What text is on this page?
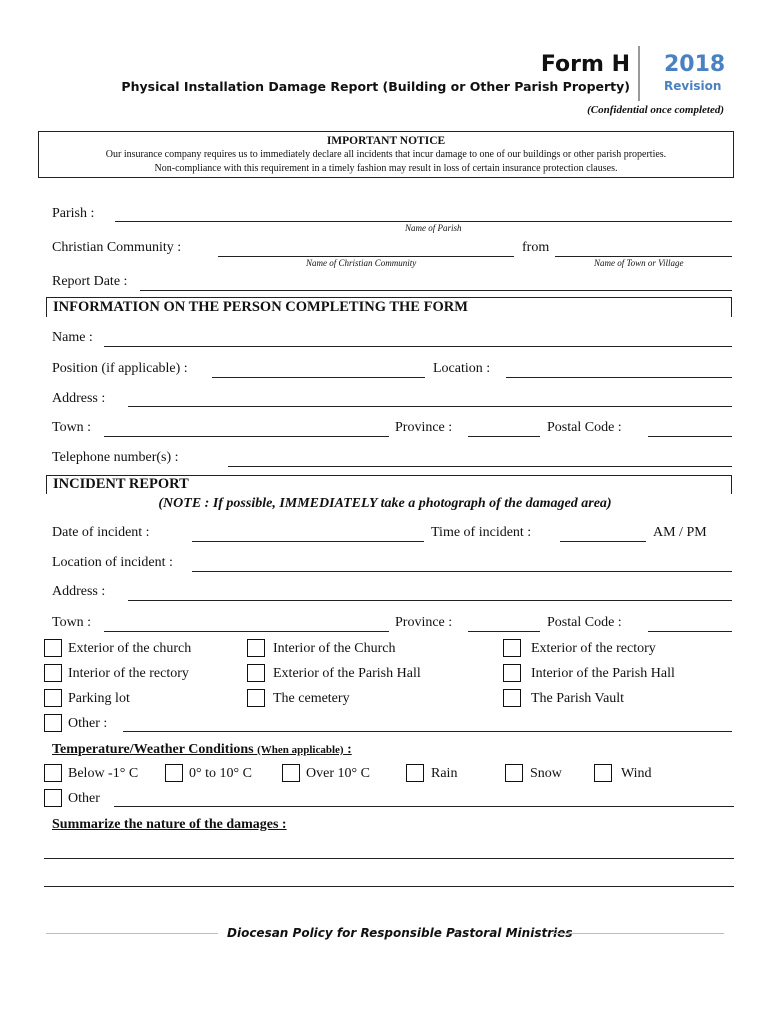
Form H
Physical Installation Damage Report (Building or Other Parish Property)
2018
Revision
(Confidential once completed)
IMPORTANT NOTICE
Our insurance company requires us to immediately declare all incidents that incur damage to one of our buildings or other parish properties.
Non-compliance with this requirement in a timely fashion may result in loss of certain insurance protection clauses.
Parish :
Name of Parish
Christian Community :	from
Name of Christian Community	Name of Town or Village
Report Date :
INFORMATION ON THE PERSON COMPLETING THE FORM
Name :
Position (if applicable) :	Location :
Address :
Town :	Province :	Postal Code :
Telephone number(s) :
INCIDENT REPORT
(NOTE : If possible, IMMEDIATELY take a photograph of the damaged area)
Date of incident :	Time of incident :	AM / PM
Location of incident :
Address :
Town :	Province :	Postal Code :
Exterior of the church	Interior of the Church	Exterior of the rectory
Interior of the rectory	Exterior of the Parish Hall	Interior of the Parish Hall
Parking lot	The cemetery	The Parish Vault
Other :
Temperature/Weather Conditions (When applicable) :
Below -1° C	0° to 10° C	Over 10° C	Rain	Snow	Wind
Other
Summarize the nature of the damages :
Diocesan Policy for Responsible Pastoral Ministries
